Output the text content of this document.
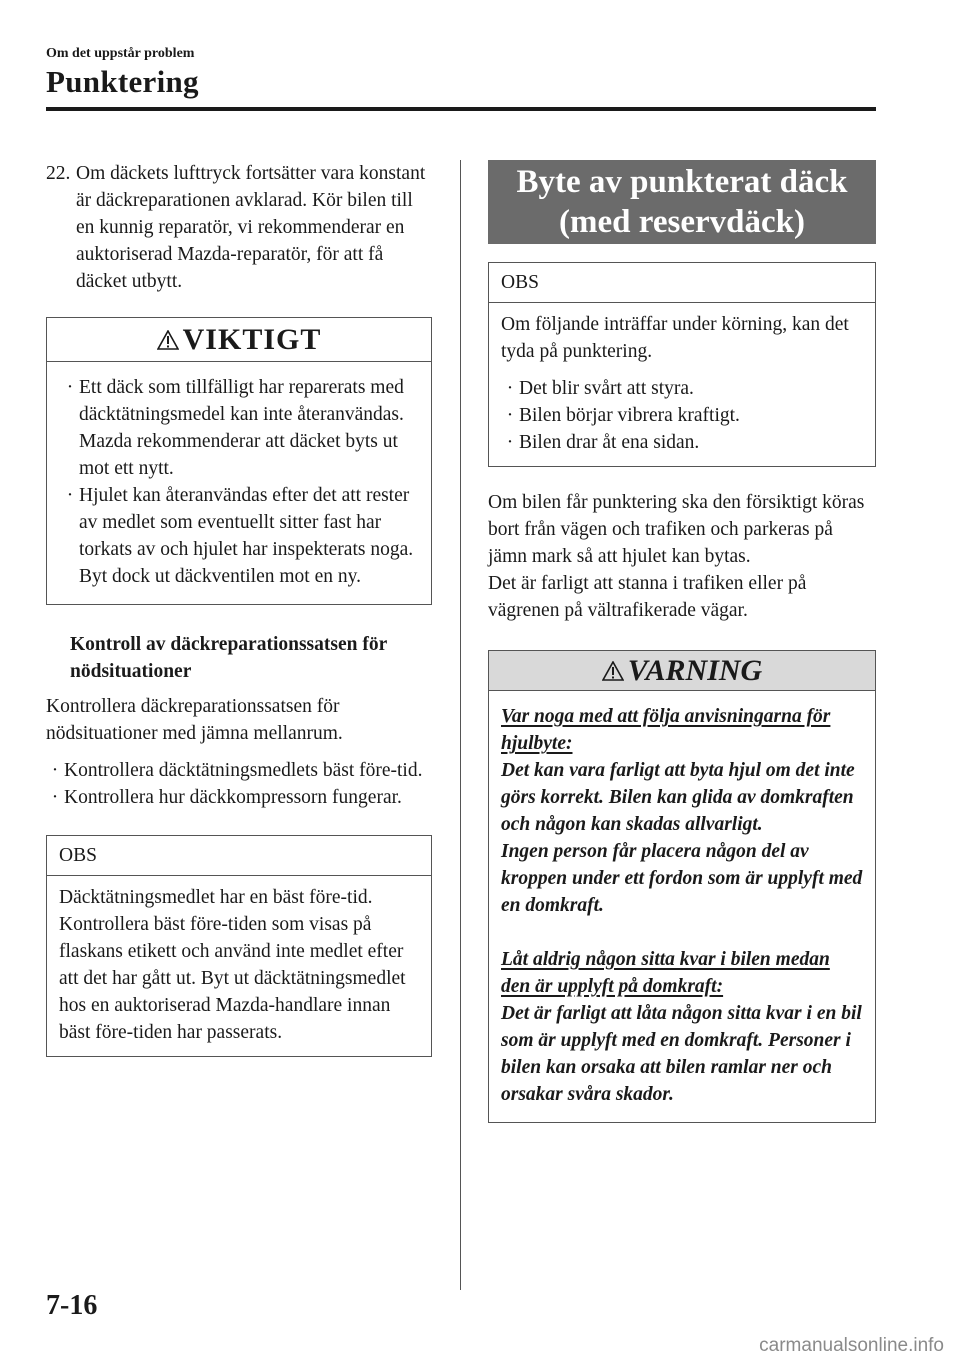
Om det uppstår problem
Punktering
22. Om däckets lufttryck fortsätter vara konstant är däckreparationen avklarad. Kör bilen till en kunnig reparatör, vi rekommenderar en auktoriserad Mazda-reparatör, för att få däcket utbytt.
VIKTIGT
· Ett däck som tillfälligt har reparerats med däcktätningsmedel kan inte återanvändas. Mazda rekommenderar att däcket byts ut mot ett nytt.
· Hjulet kan återanvändas efter det att rester av medlet som eventuellt sitter fast har torkats av och hjulet har inspekterats noga. Byt dock ut däckventilen mot en ny.
Kontroll av däckreparationssatsen för nödsituationer
Kontrollera däckreparationssatsen för nödsituationer med jämna mellanrum.
· Kontrollera däcktätningsmedlets bäst före-tid.
· Kontrollera hur däckkompressorn fungerar.
OBS
Däcktätningsmedlet har en bäst före-tid. Kontrollera bäst före-tiden som visas på flaskans etikett och använd inte medlet efter att det har gått ut. Byt ut däcktätningsmedlet hos en auktoriserad Mazda-handlare innan bäst före-tiden har passerats.
Byte av punkterat däck
(med reservdäck)
OBS
Om följande inträffar under körning, kan det tyda på punktering.
· Det blir svårt att styra.
· Bilen börjar vibrera kraftigt.
· Bilen drar åt ena sidan.
Om bilen får punktering ska den försiktigt köras bort från vägen och trafiken och parkeras på jämn mark så att hjulet kan bytas.
Det är farligt att stanna i trafiken eller på vägrenen på vältrafikerade vägar.
VARNING
Var noga med att följa anvisningarna för hjulbyte:
Det kan vara farligt att byta hjul om det inte görs korrekt. Bilen kan glida av domkraften och någon kan skadas allvarligt.
Ingen person får placera någon del av kroppen under ett fordon som är upplyft med en domkraft.
Låt aldrig någon sitta kvar i bilen medan den är upplyft på domkraft:
Det är farligt att låta någon sitta kvar i en bil som är upplyft med en domkraft. Personer i bilen kan orsaka att bilen ramlar ner och orsakar svåra skador.
7-16
carmanualsonline.info
